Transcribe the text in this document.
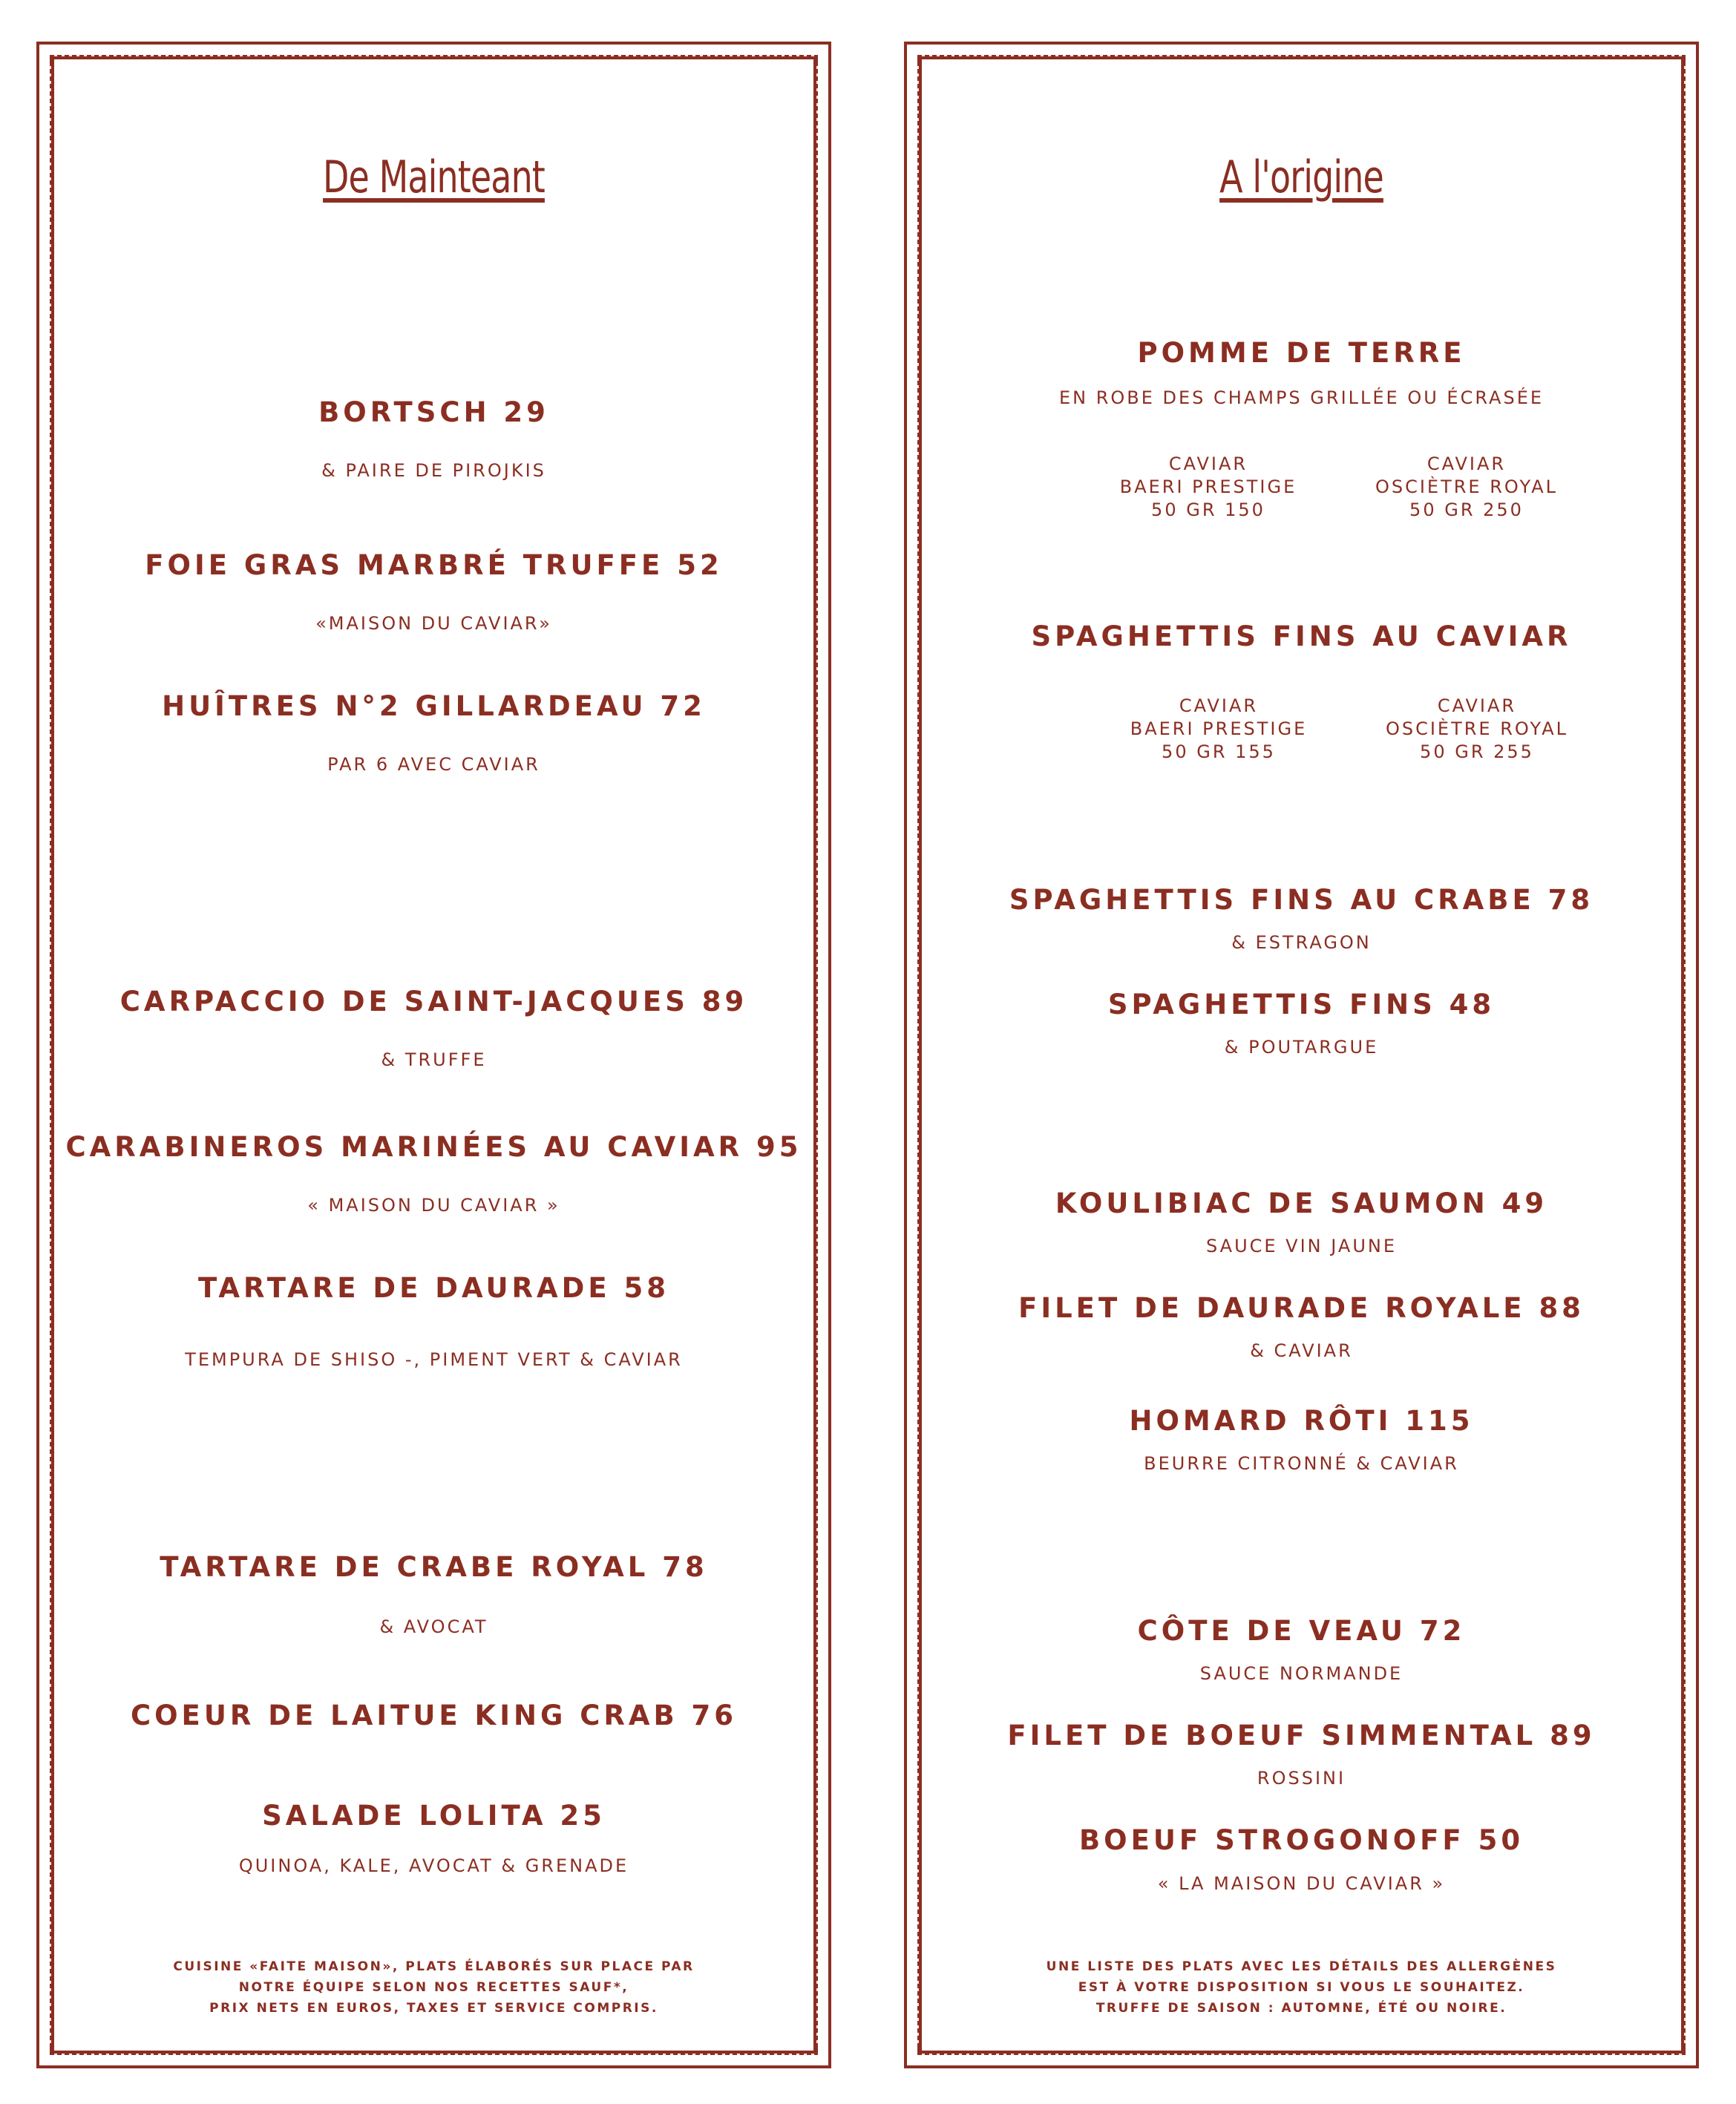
De Mainteant
BORTSCH 29
& PAIRE DE PIROJKIS
FOIE GRAS MARBRÉ TRUFFE 52
«MAISON DU CAVIAR»
HUÎTRES N°2 GILLARDEAU 72
PAR 6 AVEC CAVIAR
CARPACCIO DE SAINT-JACQUES 89
& TRUFFE
CARABINEROS MARINÉES AU CAVIAR 95
« MAISON DU CAVIAR »
TARTARE DE DAURADE 58
TEMPURA DE SHISO -, PIMENT VERT & CAVIAR
TARTARE DE CRABE ROYAL 78
& AVOCAT
COEUR DE LAITUE KING CRAB 76
SALADE LOLITA 25
QUINOA, KALE, AVOCAT & GRENADE
CUISINE «FAITE MAISON», PLATS ÉLABORÉS SUR PLACE PAR
NOTRE ÉQUIPE SELON NOS RECETTES SAUF*,
PRIX NETS EN EUROS, TAXES ET SERVICE COMPRIS.
A l'origine
POMME DE TERRE
EN ROBE DES CHAMPS GRILLÉE OU ÉCRASÉE
CAVIAR
BAERI PRESTIGE
50 GR 150
CAVIAR
OSCIÈTRE ROYAL
50 GR 250
SPAGHETTIS FINS AU CAVIAR
CAVIAR
BAERI PRESTIGE
50 GR 155
CAVIAR
OSCIÈTRE ROYAL
50 GR 255
SPAGHETTIS FINS AU CRABE 78
& ESTRAGON
SPAGHETTIS FINS 48
& POUTARGUE
KOULIBIAC DE SAUMON 49
SAUCE VIN JAUNE
FILET DE DAURADE ROYALE 88
& CAVIAR
HOMARD RÔTI 115
BEURRE CITRONNÉ & CAVIAR
CÔTE DE VEAU 72
SAUCE NORMANDE
FILET DE BOEUF SIMMENTAL 89
ROSSINI
BOEUF STROGONOFF 50
« LA MAISON DU CAVIAR »
UNE LISTE DES PLATS AVEC LES DÉTAILS DES ALLERGÈNES
EST À VOTRE DISPOSITION SI VOUS LE SOUHAITEZ.
TRUFFE DE SAISON : AUTOMNE, ÉTÉ OU NOIRE.
